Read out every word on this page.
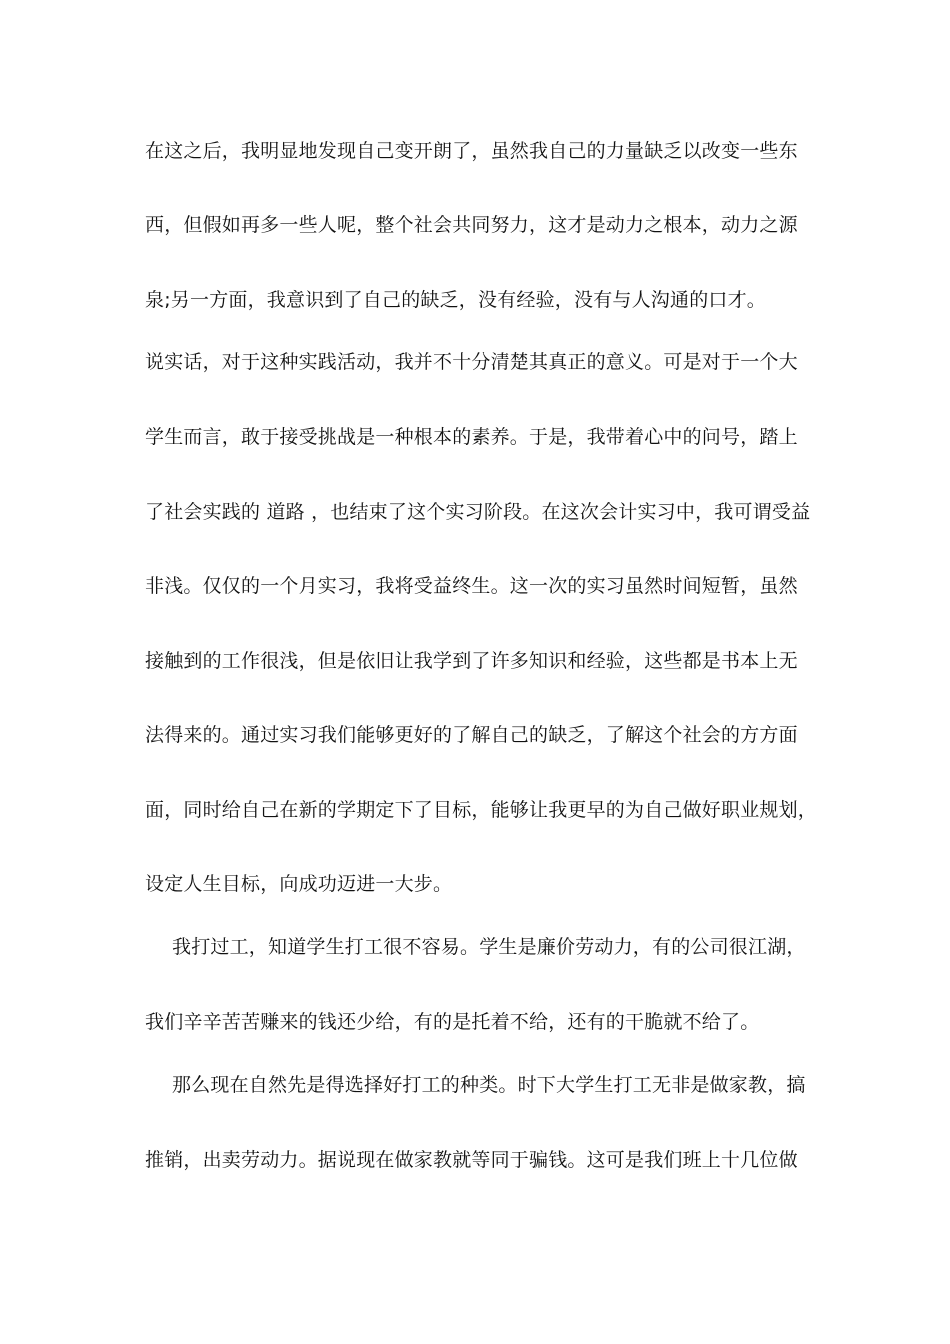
在这之后，我明显地发现自己变开朗了，虽然我自己的力量缺乏以改变一些东
西，但假如再多一些人呢，整个社会共同努力，这才是动力之根本，动力之源
泉;另一方面，我意识到了自己的缺乏，没有经验，没有与人沟通的口才。
说实话，对于这种实践活动，我并不十分清楚其真正的意义。可是对于一个大
学生而言，敢于接受挑战是一种根本的素养。于是，我带着心中的问号，踏上
了社会实践的 道路 ，也结束了这个实习阶段。在这次会计实习中，我可谓受益
非浅。仅仅的一个月实习，我将受益终生。这一次的实习虽然时间短暂，虽然
接触到的工作很浅，但是依旧让我学到了许多知识和经验，这些都是书本上无
法得来的。通过实习我们能够更好的了解自己的缺乏，了解这个社会的方方面
面，同时给自己在新的学期定下了目标，能够让我更早的为自己做好职业规划，
设定人生目标，向成功迈进一大步。
我打过工，知道学生打工很不容易。学生是廉价劳动力，有的公司很江湖，
我们辛辛苦苦赚来的钱还少给，有的是托着不给，还有的干脆就不给了。
那么现在自然先是得选择好打工的种类。时下大学生打工无非是做家教，搞
推销，出卖劳动力。据说现在做家教就等同于骗钱。这可是我们班上十几位做
